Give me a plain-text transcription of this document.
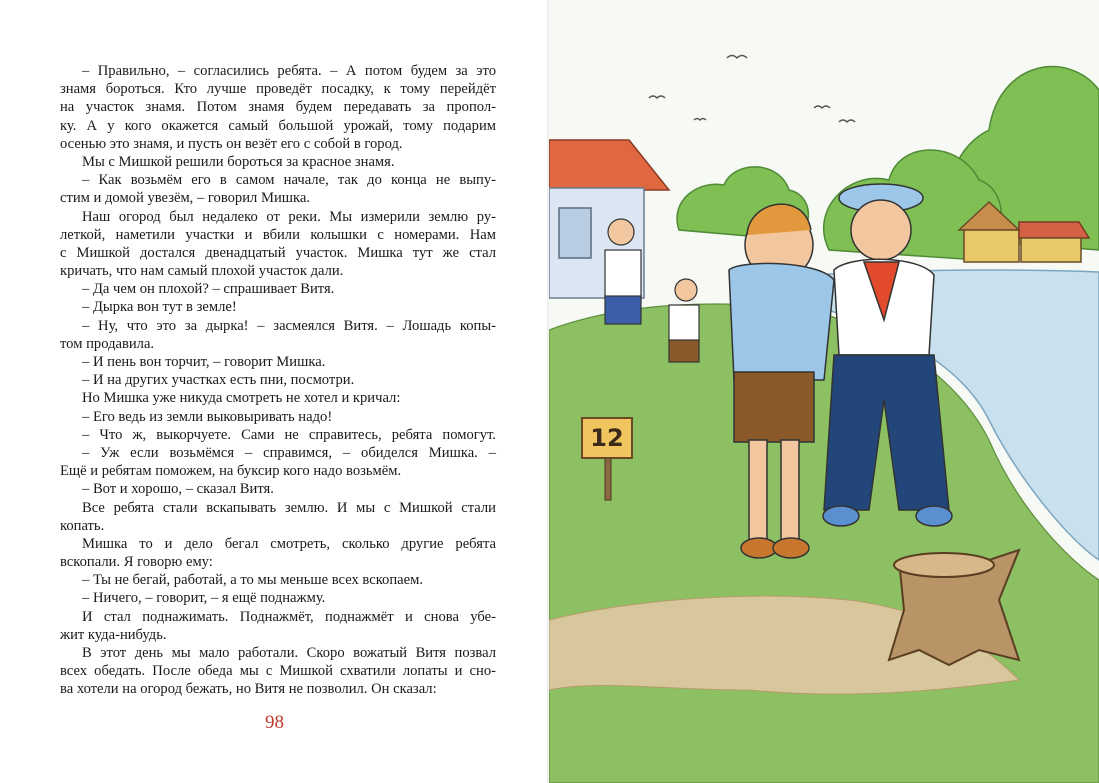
– Правильно, – согласились ребята. – А потом будем за это
знамя бороться. Кто лучше проведёт посадку, к тому перейдёт
на участок знамя. Потом знамя будем передавать за пропол-
ку. А у кого окажется самый большой урожай, тому подарим
осенью это знамя, и пусть он везёт его с собой в город.
Мы с Мишкой решили бороться за красное знамя.
– Как возьмём его в самом начале, так до конца не выпу-
стим и домой увезём, – говорил Мишка.
Наш огород был недалеко от реки. Мы измерили землю ру-
леткой, наметили участки и вбили колышки с номерами. Нам
с Мишкой достался двенадцатый участок. Мишка тут же стал
кричать, что нам самый плохой участок дали.
– Да чем он плохой? – спрашивает Витя.
– Дырка вон тут в земле!
– Ну, что это за дырка! – засмеялся Витя. – Лошадь копы-
том продавила.
– И пень вон торчит, – говорит Мишка.
– И на других участках есть пни, посмотри.
Но Мишка уже никуда смотреть не хотел и кричал:
– Его ведь из земли выковыривать надо!
– Что ж, выкорчуете. Сами не справитесь, ребята помогут.
– Уж если возьмёмся – справимся, – обиделся Мишка. –
Ещё и ребятам поможем, на буксир кого надо возьмём.
– Вот и хорошо, – сказал Витя.
Все ребята стали вскапывать землю. И мы с Мишкой стали
копать.
Мишка то и дело бегал смотреть, сколько другие ребята
вскопали. Я говорю ему:
– Ты не бегай, работай, а то мы меньше всех вскопаем.
– Ничего, – говорит, – я ещё поднажму.
И стал поднажимать. Поднажмёт, поднажмёт и снова убе-
жит куда-нибудь.
В этот день мы мало работали. Скоро вожатый Витя позвал
всех обедать. После обеда мы с Мишкой схватили лопаты и сно-
ва хотели на огород бежать, но Витя не позволил. Он сказал:
98
12
